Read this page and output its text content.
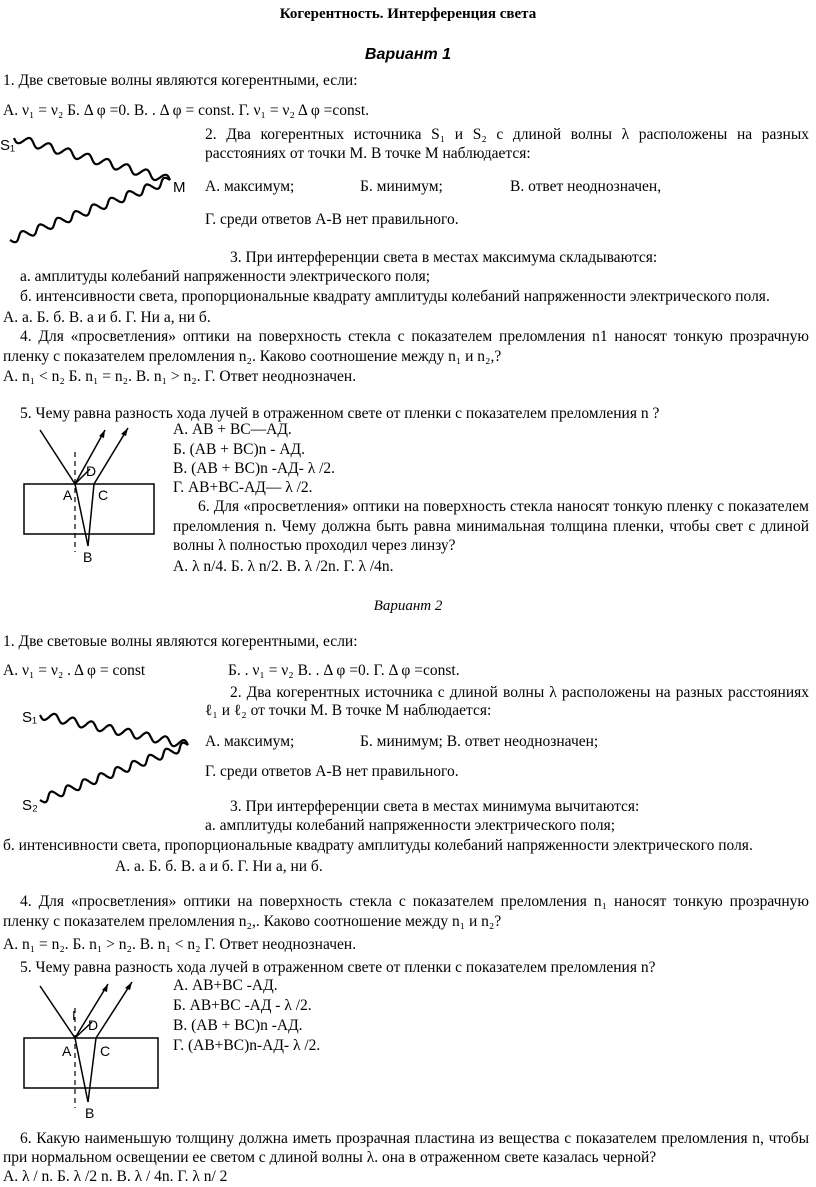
Когерентность. Интерференция света
Вариант 1
1. Две световые волны являются когерентными, если:
А. ν₁ = ν₂ Б. Δ φ =0. В. . Δ φ = const. Г. ν₁ = ν₂ Δ φ =const.
S₁
M
2. Два когерентных источника S₁ и S₂ с длиной волны λ расположены на разных
расстояниях от точки М. В точке М наблюдается:
А. максимум;	Б. минимум;	В. ответ неоднозначен,
Г. среди ответов А-В нет правильного.
3. При интерференции света в местах максимума складываются:
а. амплитуды колебаний напряженности электрического поля;
б. интенсивности света, пропорциональные квадрату амплитуды колебаний напряженности электрического поля.
А. а. Б. б. В. а и б. Г. Ни а, ни б.
4. Для «просветления» оптики на поверхность стекла с показателем преломления n1 наносят тонкую прозрачную
пленку с показателем преломления n₂. Каково соотношение между n₁ и n₂,?
А. n₁ < n₂ Б. n₁ = n₂. В. n₁ > n₂. Г. Ответ неоднозначен.
5. Чему равна разность хода лучей в отраженном свете от пленки с показателем преломления n ?
A
B
C
D
А. АВ + ВС—АД.
Б. (АВ + ВС)n - АД.
В. (АВ + ВС)n -АД- λ /2.
Г. АВ+ВС-АД— λ /2.
6. Для «просветления» оптики на поверхность стекла наносят тонкую пленку с показателем
преломления n. Чему должна быть равна минимальная толщина пленки, чтобы свет с длиной
волны λ полностью проходил через линзу?
А. λ n/4. Б. λ n/2. В. λ /2n. Г. λ /4n.
Вариант 2
1. Две световые волны являются когерентными, если:
А. ν₁ = ν₂ . Δ φ = const	Б. . ν₁ = ν₂ В. . Δ φ =0. Г. Δ φ =const.
S₁
S₂
2. Два когерентных источника с длиной волны λ расположены на разных расстояниях
ℓ₁ и ℓ₂ от точки М. В точке М наблюдается:
А. максимум;	Б. минимум; В. ответ неоднозначен;
Г. среди ответов А-В нет правильного.
3. При интерференции света в местах минимума вычитаются:
а. амплитуды колебаний напряженности электрического поля;
б. интенсивности света, пропорциональные квадрату амплитуды колебаний напряженности электрического поля.
А. а. Б. б. В. а и б. Г. Ни а, ни б.
4. Для «просветления» оптики на поверхность стекла с показателем преломления n₁ наносят тонкую прозрачную
пленку с показателем преломления n₂,. Каково соотношение между n₁ и n₂?
А. n₁ = n₂. Б. n₁ > n₂. В. n₁ < n₂ Г. Ответ неоднозначен.
5. Чему равна разность хода лучей в отраженном свете от пленки с показателем преломления n?
I
A
B
C
D
А. АВ+ВС -АД.
Б. АВ+ВС -АД - λ /2.
В. (АВ + ВС)n -АД.
Г. (АВ+ВС)n-АД- λ /2.
6. Какую наименьшую толщину должна иметь прозрачная пластина из вещества с показателем преломления n, чтобы
при нормальном освещении ее светом с длиной волны λ. она в отраженном свете казалась черной?
А. λ / n. Б. λ /2 n. В. λ / 4n. Г. λ n/ 2
